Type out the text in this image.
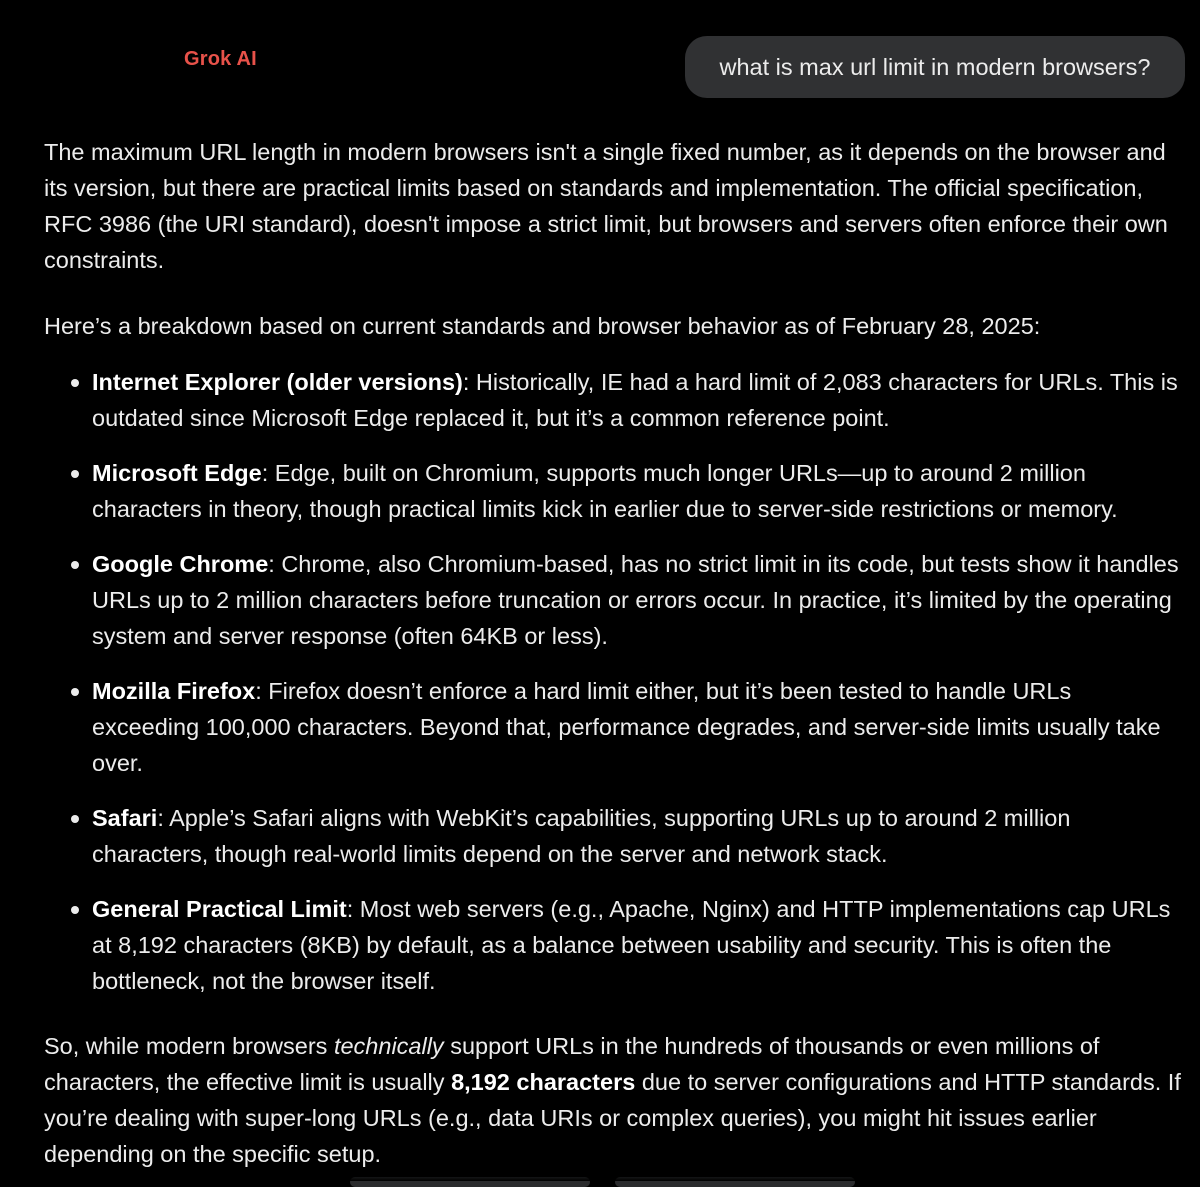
Grok AI	what is max url limit in modern browsers?

The maximum URL length in modern browsers isn't a single fixed number, as it depends on the browser and its version, but there are practical limits based on standards and implementation. The official specification, RFC 3986 (the URI standard), doesn't impose a strict limit, but browsers and servers often enforce their own constraints.

Here’s a breakdown based on current standards and browser behavior as of February 28, 2025:

Internet Explorer (older versions): Historically, IE had a hard limit of 2,083 characters for URLs. This is outdated since Microsoft Edge replaced it, but it’s a common reference point.
Microsoft Edge: Edge, built on Chromium, supports much longer URLs—up to around 2 million characters in theory, though practical limits kick in earlier due to server-side restrictions or memory.
Google Chrome: Chrome, also Chromium-based, has no strict limit in its code, but tests show it handles URLs up to 2 million characters before truncation or errors occur. In practice, it’s limited by the operating system and server response (often 64KB or less).
Mozilla Firefox: Firefox doesn’t enforce a hard limit either, but it’s been tested to handle URLs exceeding 100,000 characters. Beyond that, performance degrades, and server-side limits usually take over.
Safari: Apple’s Safari aligns with WebKit’s capabilities, supporting URLs up to around 2 million characters, though real-world limits depend on the server and network stack.
General Practical Limit: Most web servers (e.g., Apache, Nginx) and HTTP implementations cap URLs at 8,192 characters (8KB) by default, as a balance between usability and security. This is often the bottleneck, not the browser itself.

So, while modern browsers technically support URLs in the hundreds of thousands or even millions of characters, the effective limit is usually 8,192 characters due to server configurations and HTTP standards. If you’re dealing with super-long URLs (e.g., data URIs or complex queries), you might hit issues earlier depending on the specific setup.
